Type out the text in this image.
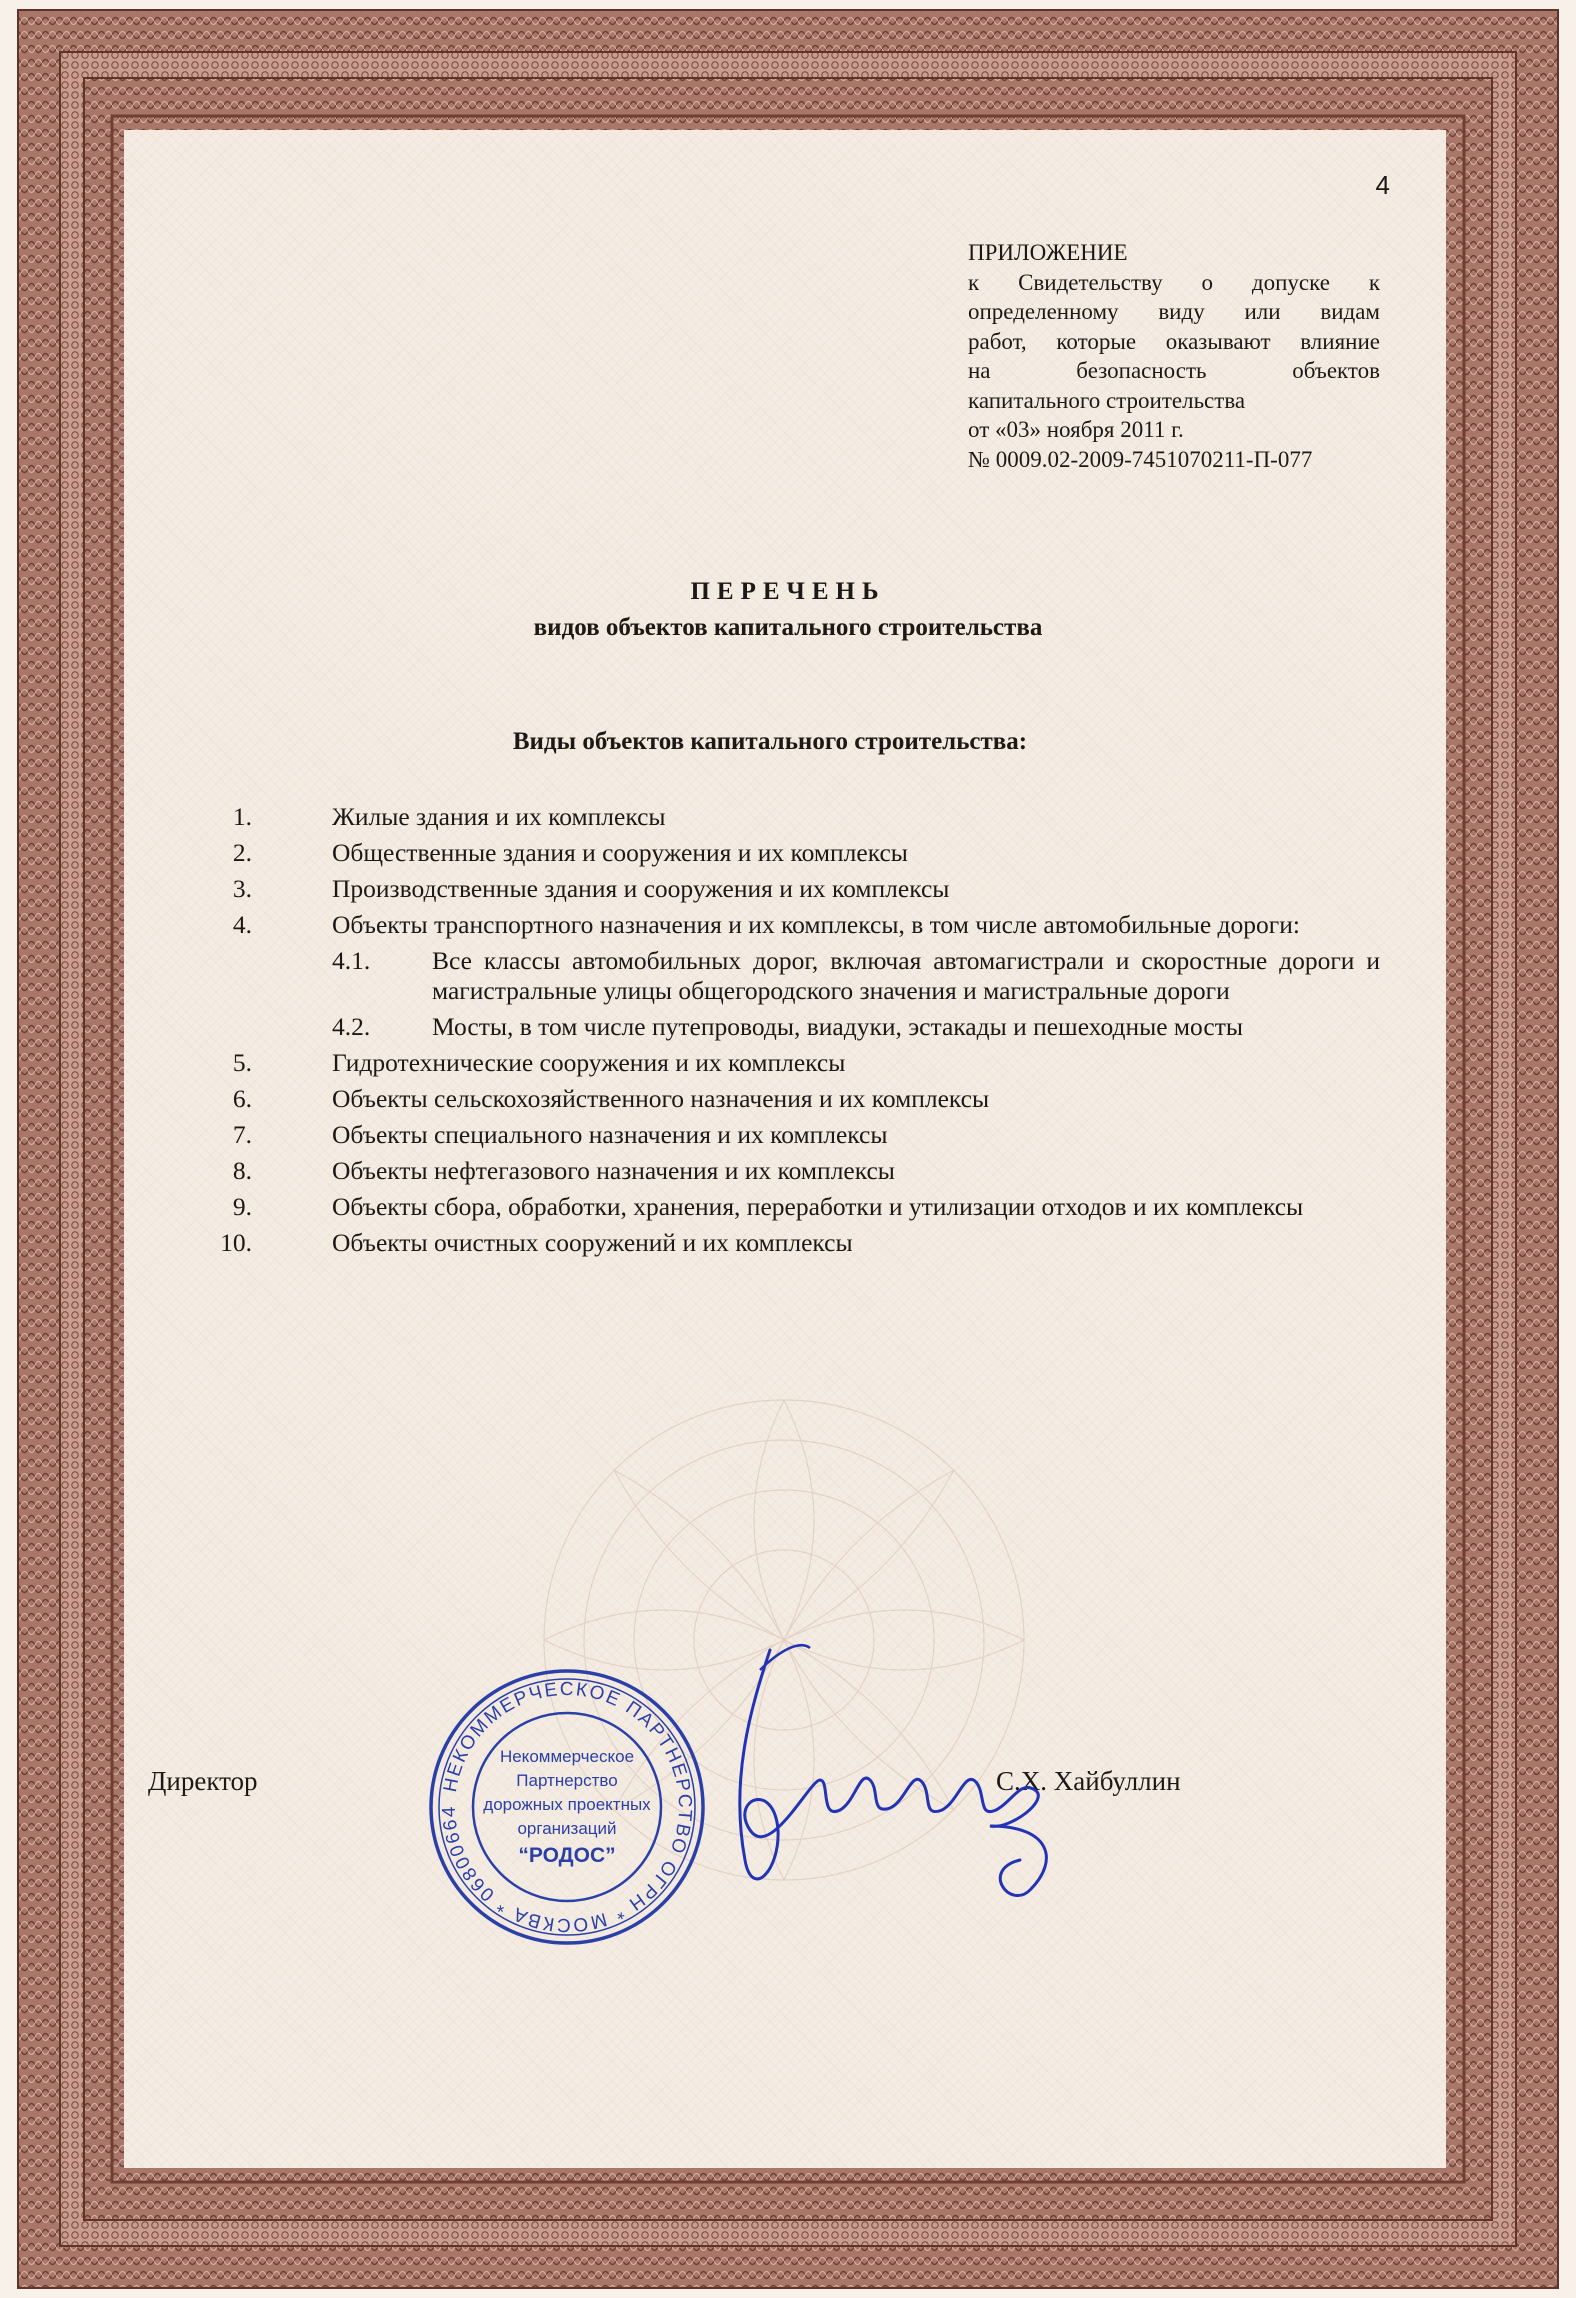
4
ПРИЛОЖЕНИЕ
к Свидетельству о допуске к
определенному виду или видам
работ, которые оказывают влияние
на безопасность объектов
капитального строительства
от «03» ноября 2011 г.
№ 0009.02-2009-7451070211-П-077
ПЕРЕЧЕНЬ
видов объектов капитального строительства
Виды объектов капитального строительства:
1.	Жилые здания и их комплексы
2.	Общественные здания и сооружения и их комплексы
3.	Производственные здания и сооружения и их комплексы
4.	Объекты транспортного назначения и их комплексы, в том числе автомобильные дороги:
4.1.	Все классы автомобильных дорог, включая автомагистрали и скоростные дороги и магистральные улицы общегородского значения и магистральные дороги
4.2.	Мосты, в том числе путепроводы, виадуки, эстакады и пешеходные мосты
5.	Гидротехнические сооружения и их комплексы
6.	Объекты сельскохозяйственного назначения и их комплексы
7.	Объекты специального назначения и их комплексы
8.	Объекты нефтегазового назначения и их комплексы
9.	Объекты сбора, обработки, хранения, переработки и утилизации отходов и их комплексы
10.	Объекты очистных сооружений и их комплексы
Директор	С.Х. Хайбуллин
НЕКОММЕРЧЕСКОЕ ПАРТНЕРСТВО ОГРН * МОСКВА * 06800664
Некоммерческое
Партнерство
дорожных проектных
организаций
“РОДОС”
